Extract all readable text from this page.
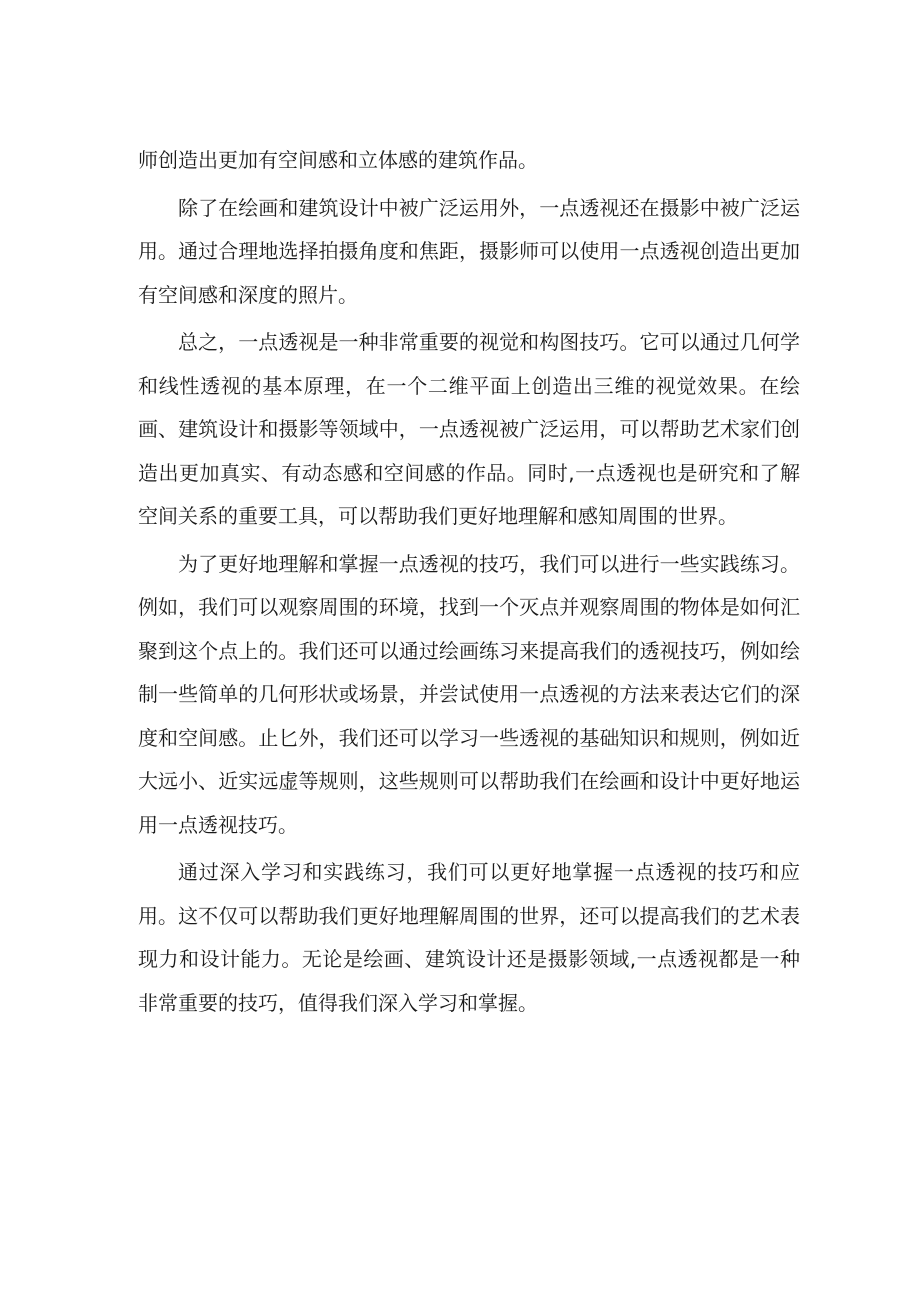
师创造出更加有空间感和立体感的建筑作品。

除了在绘画和建筑设计中被广泛运用外，一点透视还在摄影中被广泛运用。通过合理地选择拍摄角度和焦距，摄影师可以使用一点透视创造出更加有空间感和深度的照片。

总之，一点透视是一种非常重要的视觉和构图技巧。它可以通过几何学和线性透视的基本原理，在一个二维平面上创造出三维的视觉效果。在绘画、建筑设计和摄影等领域中，一点透视被广泛运用，可以帮助艺术家们创造出更加真实、有动态感和空间感的作品。同时,一点透视也是研究和了解空间关系的重要工具，可以帮助我们更好地理解和感知周围的世界。

为了更好地理解和掌握一点透视的技巧，我们可以进行一些实践练习。例如，我们可以观察周围的环境，找到一个灭点并观察周围的物体是如何汇聚到这个点上的。我们还可以通过绘画练习来提高我们的透视技巧，例如绘制一些简单的几何形状或场景，并尝试使用一点透视的方法来表达它们的深度和空间感。止匕外，我们还可以学习一些透视的基础知识和规则，例如近大远小、近实远虚等规则，这些规则可以帮助我们在绘画和设计中更好地运用一点透视技巧。

通过深入学习和实践练习，我们可以更好地掌握一点透视的技巧和应用。这不仅可以帮助我们更好地理解周围的世界，还可以提高我们的艺术表现力和设计能力。无论是绘画、建筑设计还是摄影领域,一点透视都是一种非常重要的技巧，值得我们深入学习和掌握。
